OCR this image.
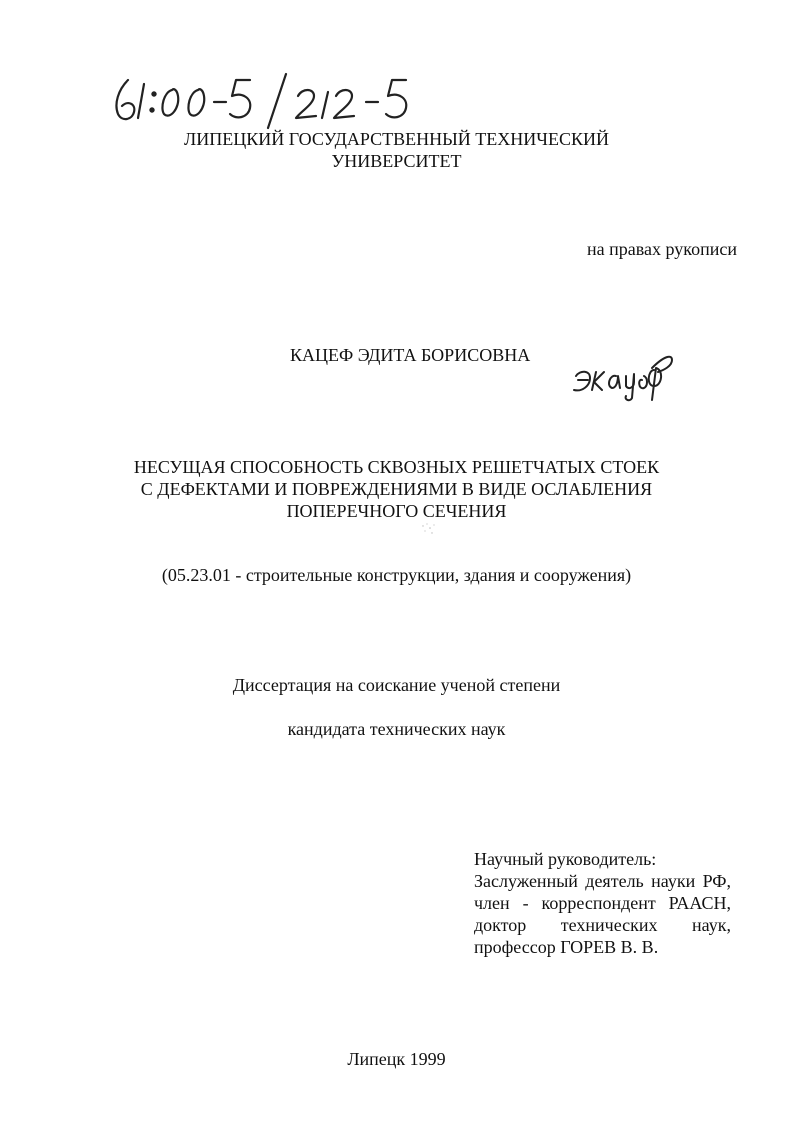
ЛИПЕЦКИЙ ГОСУДАРСТВЕННЫЙ ТЕХНИЧЕСКИЙ
УНИВЕРСИТЕТ
на правах рукописи
КАЦЕФ ЭДИТА БОРИСОВНА
НЕСУЩАЯ СПОСОБНОСТЬ СКВОЗНЫХ РЕШЕТЧАТЫХ СТОЕК
С ДЕФЕКТАМИ И ПОВРЕЖДЕНИЯМИ В ВИДЕ ОСЛАБЛЕНИЯ
ПОПЕРЕЧНОГО СЕЧЕНИЯ
(05.23.01 - строительные конструкции, здания и сооружения)
Диссертация на соискание ученой степени
кандидата технических наук
Научный руководитель:
Заслуженный деятель науки РФ,
член - корреспондент РААСН,
доктор технических наук,
профессор ГОРЕВ В. В.
Липецк 1999
